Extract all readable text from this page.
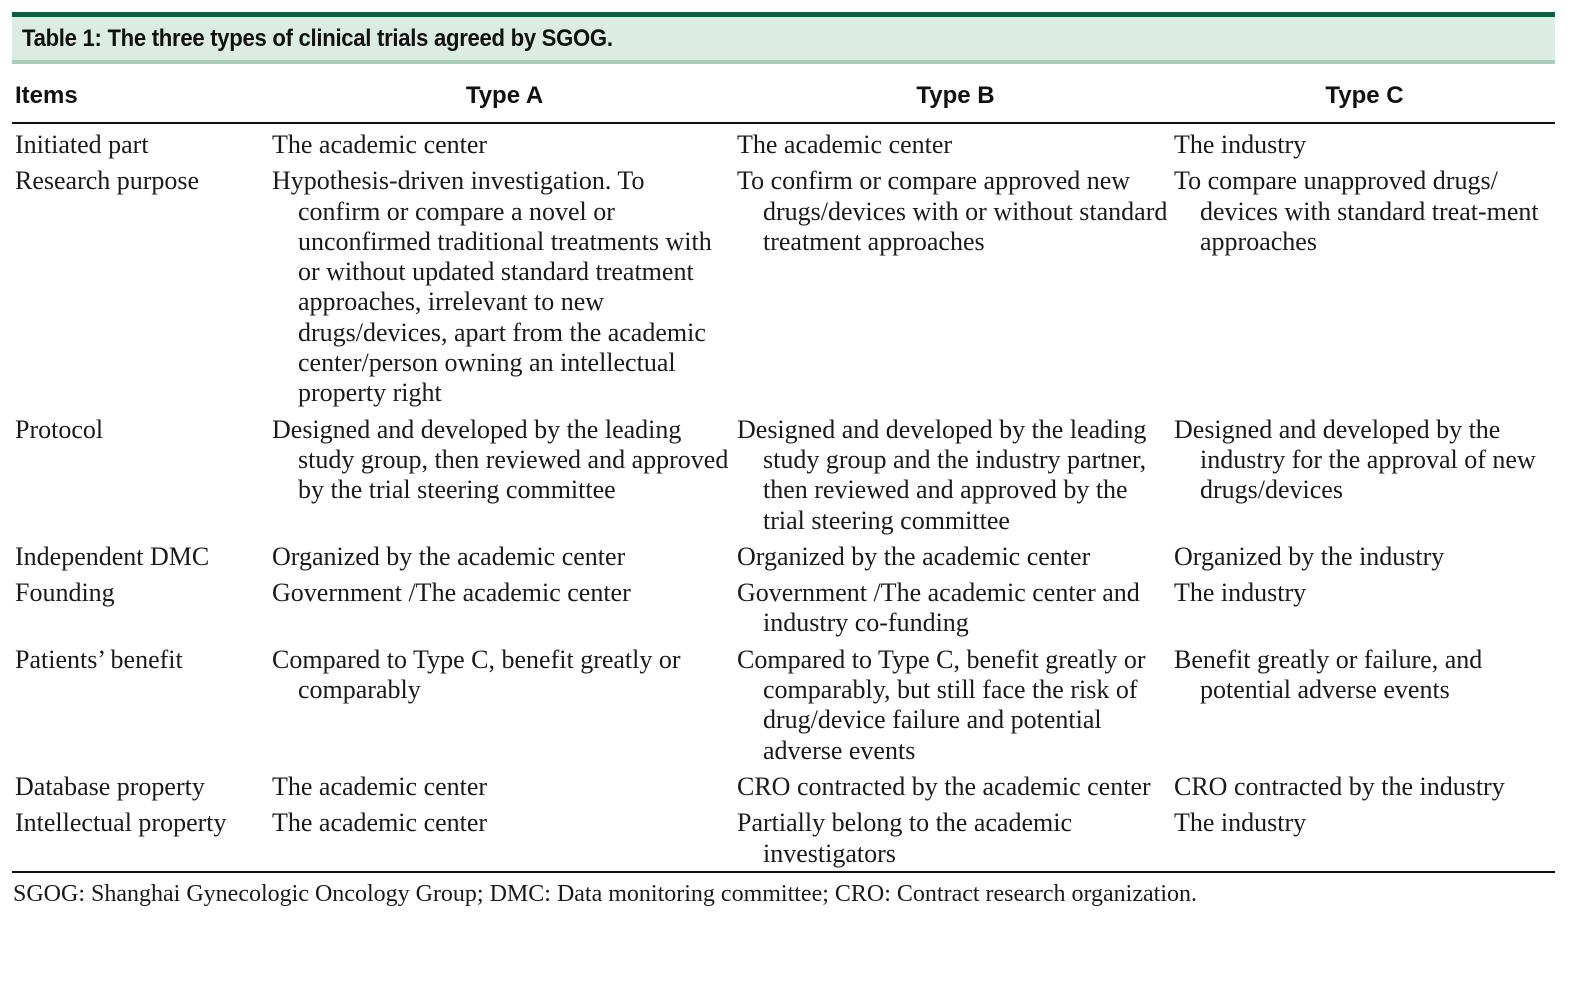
Table 1: The three types of clinical trials agreed by SGOG.
Items	Type A	Type B	Type C
Initiated part	The academic center	The academic center	The industry

Research purpose	Hypothesis-driven investigation. To confirm or compare a novel or unconfirmed traditional treatments with or without updated standard treatment approaches, irrelevant to new drugs/devices, apart from the academic center/person owning an intellectual property right	To confirm or compare approved new drugs/devices with or without standard treatment approaches	To compare unapproved drugs/ devices with standard treat-ment approaches

Protocol	Designed and developed by the leading study group, then reviewed and approved by the trial steering committee	Designed and developed by the leading study group and the industry partner, then reviewed and approved by the trial steering committee	Designed and developed by the industry for the approval of new drugs/devices

Independent DMC	Organized by the academic center	Organized by the academic center	Organized by the industry

Founding	Government /The academic center	Government /The academic center and industry co-funding	The industry

Patients’ benefit	Compared to Type C, benefit greatly or comparably	Compared to Type C, benefit greatly or comparably, but still face the risk of drug/device failure and potential adverse events	Benefit greatly or failure, and potential adverse events

Database property	The academic center	CRO contracted by the academic center	CRO contracted by the industry

Intellectual property	The academic center	Partially belong to the academic investigators	The industry
SGOG: Shanghai Gynecologic Oncology Group; DMC: Data monitoring committee; CRO: Contract research organization.
